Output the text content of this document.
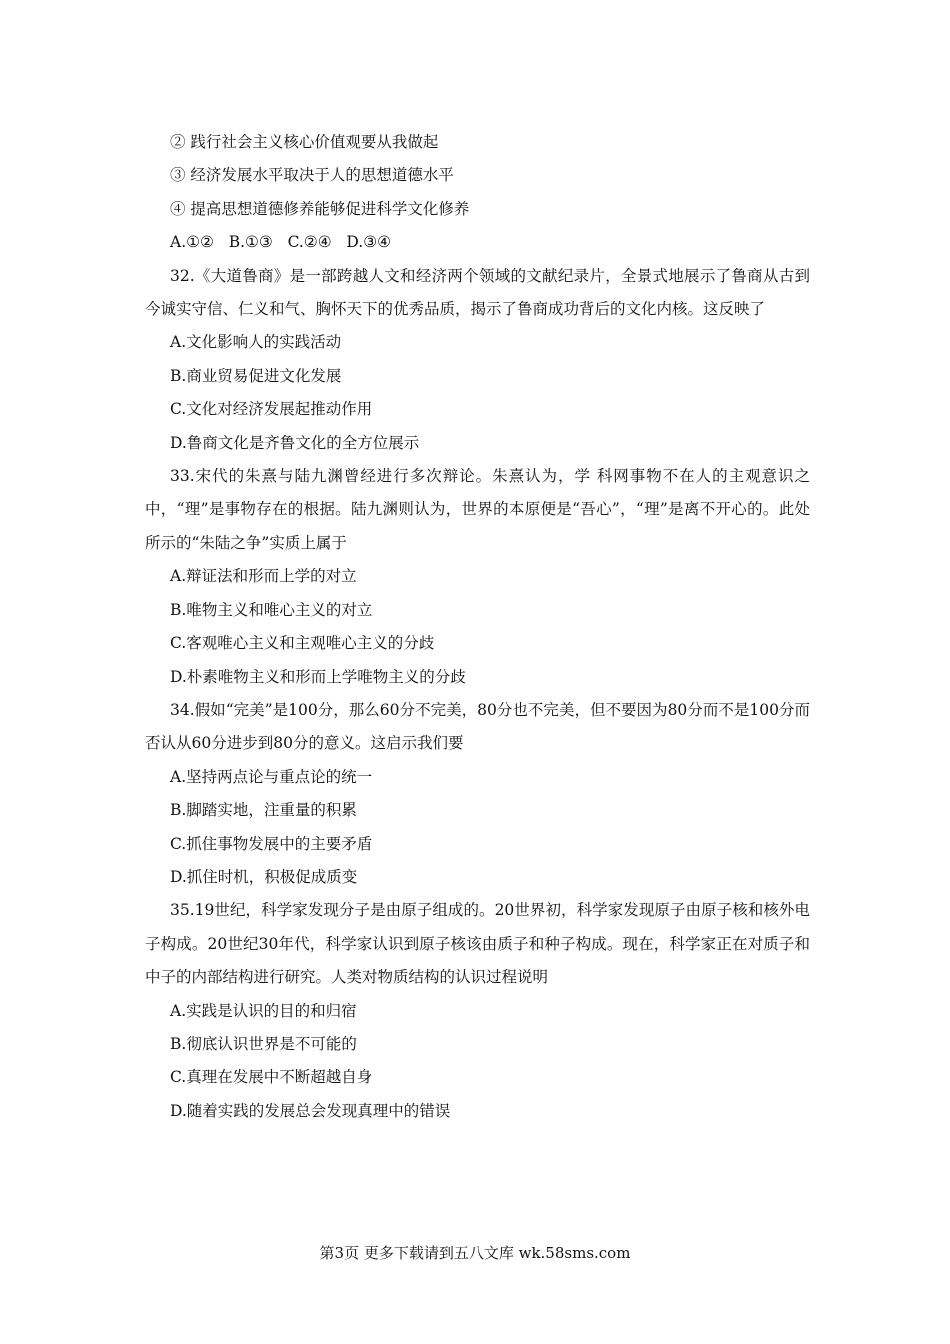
② 践行社会主义核心价值观要从我做起
③ 经济发展水平取决于人的思想道德水平
④ 提高思想道德修养能够促进科学文化修养
A.①②   B.①③   C.②④   D.③④
32.《大道鲁商》是一部跨越人文和经济两个领域的文献纪录片，全景式地展示了鲁商从古到今诚实守信、仁义和气、胸怀天下的优秀品质，揭示了鲁商成功背后的文化内核。这反映了
A.文化影响人的实践活动
B.商业贸易促进文化发展
C.文化对经济发展起推动作用
D.鲁商文化是齐鲁文化的全方位展示
33.宋代的朱熹与陆九渊曾经进行多次辩论。朱熹认为，学 科网事物不在人的主观意识之中，“理”是事物存在的根据。陆九渊则认为，世界的本原便是“吾心”，“理”是离不开心的。此处所示的“朱陆之争”实质上属于
A.辩证法和形而上学的对立
B.唯物主义和唯心主义的对立
C.客观唯心主义和主观唯心主义的分歧
D.朴素唯物主义和形而上学唯物主义的分歧
34.假如“完美”是100分，那么60分不完美，80分也不完美，但不要因为80分而不是100分而否认从60分进步到80分的意义。这启示我们要
A.坚持两点论与重点论的统一
B.脚踏实地，注重量的积累
C.抓住事物发展中的主要矛盾
D.抓住时机，积极促成质变
35.19世纪，科学家发现分子是由原子组成的。20世界初，科学家发现原子由原子核和核外电子构成。20世纪30年代，科学家认识到原子核该由质子和种子构成。现在，科学家正在对质子和中子的内部结构进行研究。人类对物质结构的认识过程说明
A.实践是认识的目的和归宿
B.彻底认识世界是不可能的
C.真理在发展中不断超越自身
D.随着实践的发展总会发现真理中的错误
第3页 更多下载请到五八文库 wk.58sms.com
